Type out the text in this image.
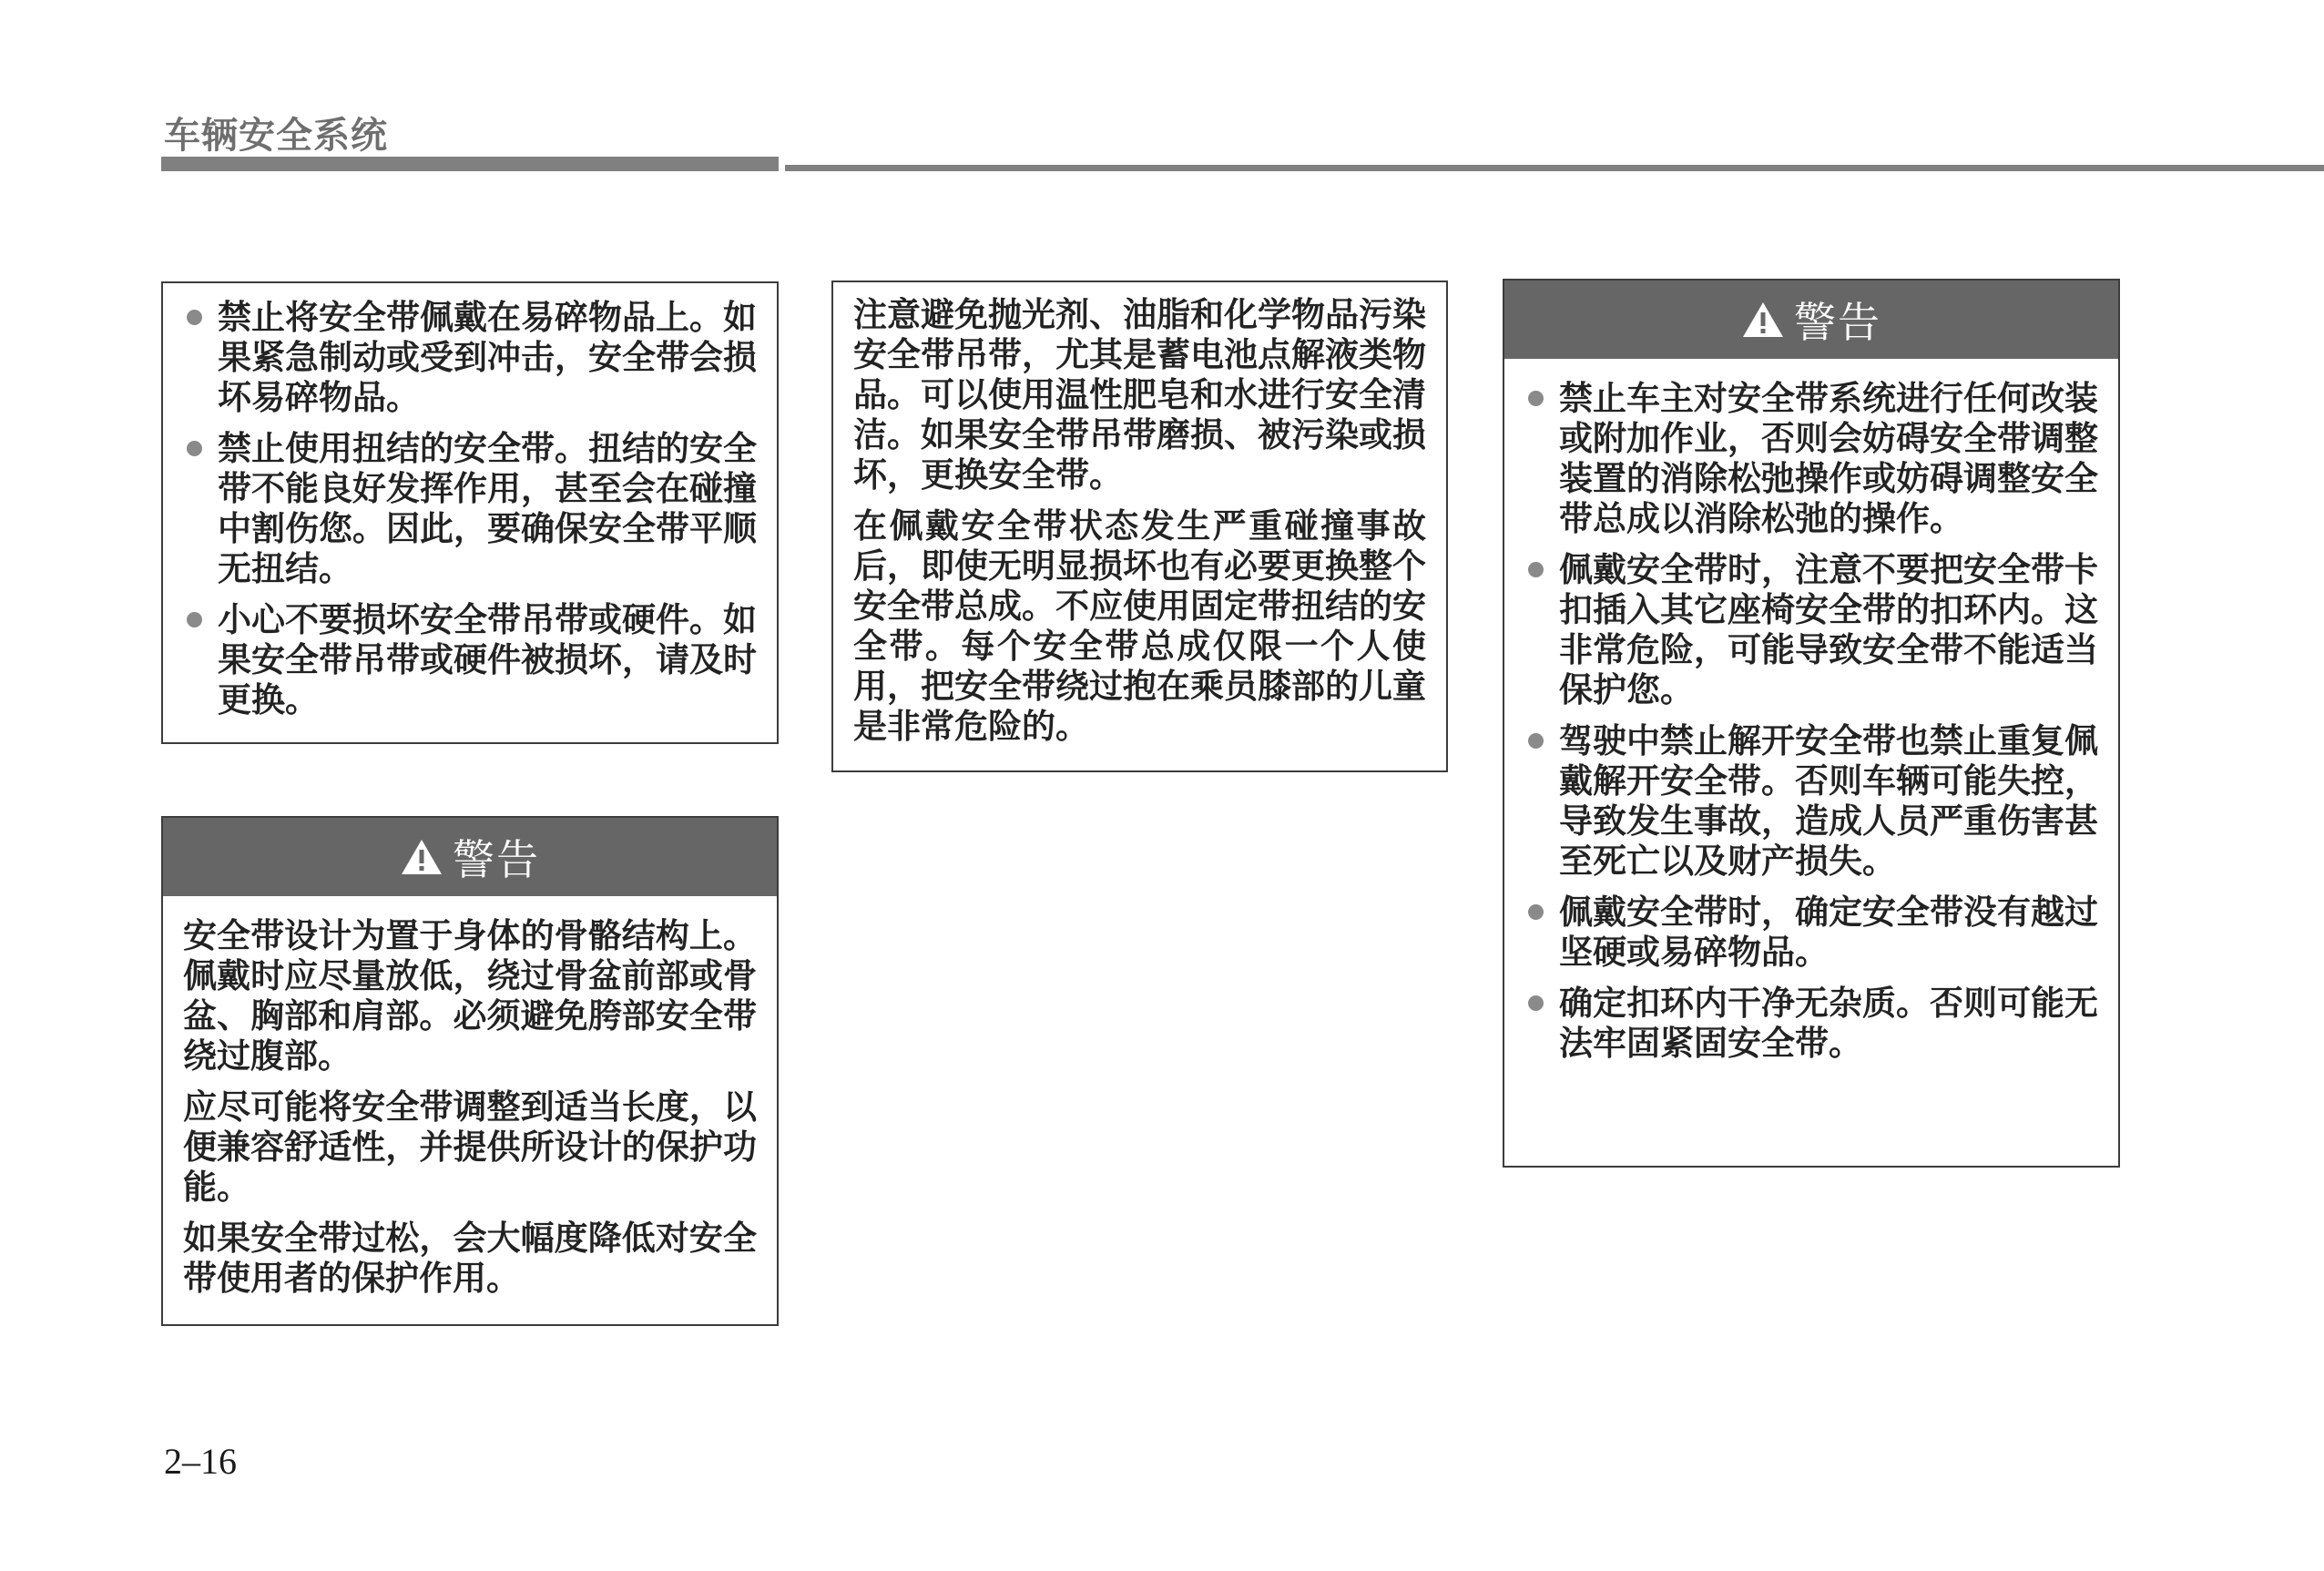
车辆安全系统
禁止将安全带佩戴在易碎物品上。如果紧急制动或受到冲击，安全带会损坏易碎物品。
禁止使用扭结的安全带。扭结的安全带不能良好发挥作用，甚至会在碰撞中割伤您。因此，要确保安全带平顺无扭结。
小心不要损坏安全带吊带或硬件。如果安全带吊带或硬件被损坏，请及时更换。
警告

安全带设计为置于身体的骨骼结构上。佩戴时应尽量放低，绕过骨盆前部或骨盆、胸部和肩部。必须避免胯部安全带绕过腹部。

应尽可能将安全带调整到适当长度，以便兼容舒适性，并提供所设计的保护功能。

如果安全带过松，会大幅度降低对安全带使用者的保护作用。

注意避免抛光剂、油脂和化学物品污染安全带吊带，尤其是蓄电池点解液类物品。可以使用温性肥皂和水进行安全清洁。如果安全带吊带磨损、被污染或损坏，更换安全带。

在佩戴安全带状态发生严重碰撞事故后，即使无明显损坏也有必要更换整个安全带总成。不应使用固定带扭结的安全带。每个安全带总成仅限一个人使用，把安全带绕过抱在乘员膝部的儿童是非常危险的。

警告
禁止车主对安全带系统进行任何改装或附加作业，否则会妨碍安全带调整装置的消除松弛操作或妨碍调整安全带总成以消除松弛的操作。
佩戴安全带时，注意不要把安全带卡扣插入其它座椅安全带的扣环内。这非常危险，可能导致安全带不能适当保护您。
驾驶中禁止解开安全带也禁止重复佩戴解开安全带。否则车辆可能失控，导致发生事故，造成人员严重伤害甚至死亡以及财产损失。
佩戴安全带时，确定安全带没有越过坚硬或易碎物品。
确定扣环内干净无杂质。否则可能无法牢固紧固安全带。
2–16
